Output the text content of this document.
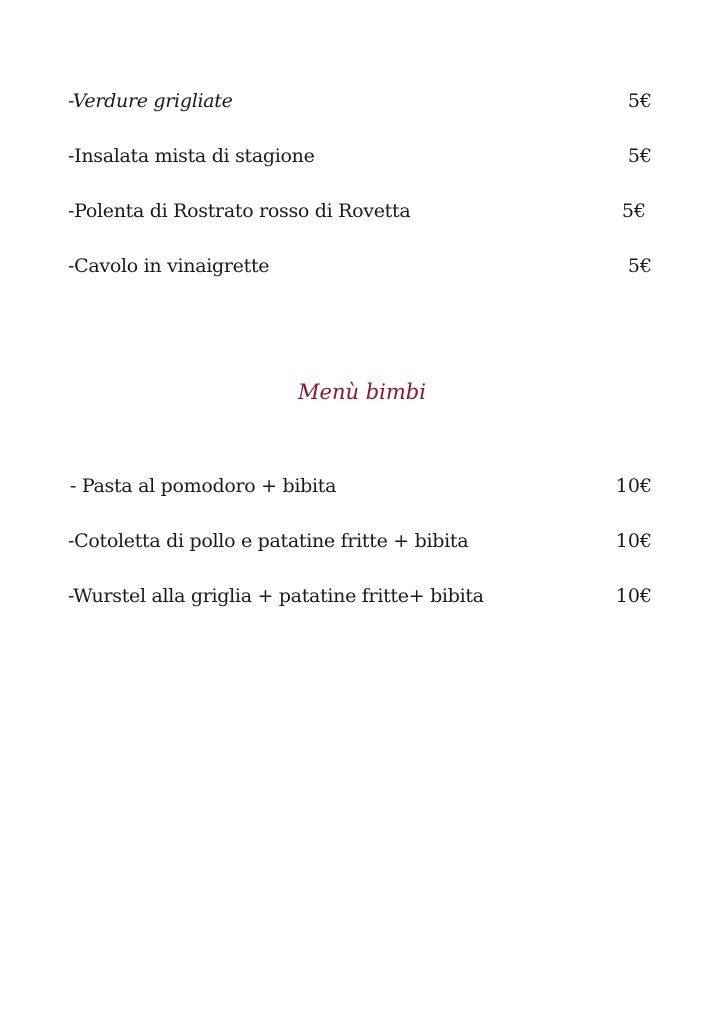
-Verdure grigliate	5€
-Insalata mista di stagione	5€
-Polenta di Rostrato rosso di Rovetta	5€
-Cavolo in vinaigrette	5€
Menù bimbi
- Pasta al pomodoro + bibita	10€
-Cotoletta di pollo e patatine fritte + bibita	10€
-Wurstel alla griglia + patatine fritte+ bibita	10€
